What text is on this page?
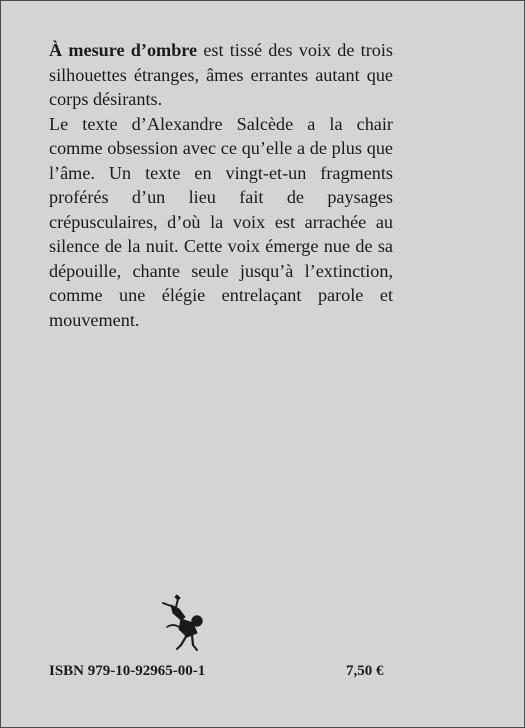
À mesure d’ombre est tissé des voix de trois silhouettes étranges, âmes errantes autant que corps désirants.

Le texte d’Alexandre Salcède a la chair comme obsession avec ce qu’elle a de plus que l’âme. Un texte en vingt-et-un fragments proférés d’un lieu fait de paysages crépusculaires, d’où la voix est arrachée au silence de la nuit. Cette voix émerge nue de sa dépouille, chante seule jusqu’à l’extinction, comme une élégie entrelaçant parole et mouvement.

ISBN 979-10-92965-00-1	7,50 €
